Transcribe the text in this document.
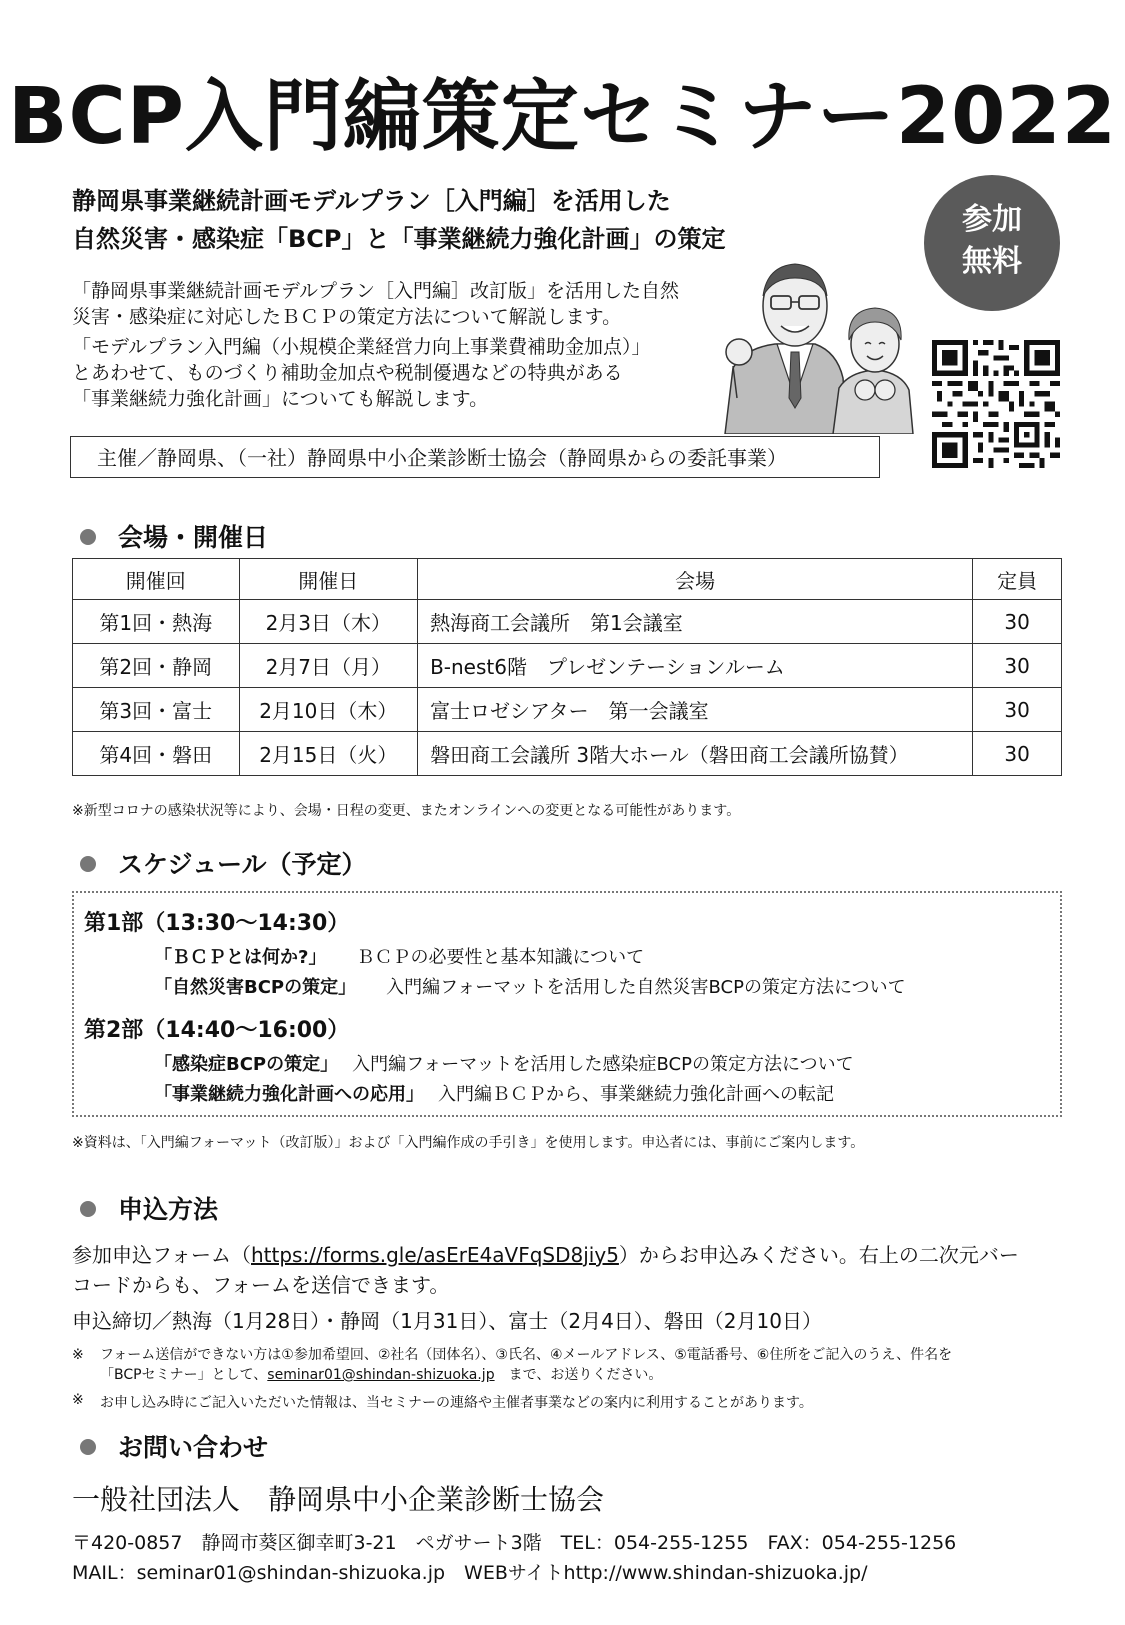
BCP入門編策定セミナー2022
静岡県事業継続計画モデルプラン［入門編］を活用した
自然災害・感染症「BCP」と「事業継続力強化計画」の策定
参加
無料

「静岡県事業継続計画モデルプラン［入門編］改訂版」を活用した自然
災害・感染症に対応したＢＣＰの策定方法について解説します。

「モデルプラン入門編（小規模企業経営力向上事業費補助金加点）」
とあわせて、ものづくり補助金加点や税制優遇などの特典がある
「事業継続力強化計画」についても解説します。

主催／静岡県、（一社）静岡県中小企業診断士協会（静岡県からの委託事業）
会場・開催日
開催回	開催日	会場	定員
第1回・熱海	2月3日（木）	熱海商工会議所　第1会議室	30
第2回・静岡	2月7日（月）	B-nest6階　プレゼンテーションルーム	30
第3回・富士	2月10日（木）	富士ロゼシアター　第一会議室	30
第4回・磐田	2月15日（火）	磐田商工会議所 3階大ホール（磐田商工会議所協賛）	30
※新型コロナの感染状況等により、会場・日程の変更、またオンラインへの変更となる可能性があります。
スケジュール（予定）
第1部（13:30～14:30）
「ＢＣＰとは何か?」 ＢＣＰの必要性と基本知識について
「自然災害BCPの策定」 入門編フォーマットを活用した自然災害BCPの策定方法について
第2部（14:40～16:00）
「感染症BCPの策定」 入門編フォーマットを活用した感染症BCPの策定方法について
「事業継続力強化計画への応用」 入門編ＢＣＰから、事業継続力強化計画への転記
※資料は、「入門編フォーマット（改訂版）」および「入門編作成の手引き」を使用します。申込者には、事前にご案内します。
申込方法
参加申込フォーム（https://forms.gle/asErE4aVFqSD8jiy5）からお申込みください。右上の二次元バー
コードからも、フォームを送信できます。
申込締切／熱海（1月28日）・静岡（1月31日）、富士（2月4日）、磐田（2月10日）
※ フォーム送信ができない方は①参加希望回、②社名（団体名）、③氏名、④メールアドレス、⑤電話番号、⑥住所をご記入のうえ、件名を
「BCPセミナー」として、seminar01@shindan-shizuoka.jp　 まで、お送りください。
※ お申し込み時にご記入いただいた情報は、当セミナーの連絡や主催者事業などの案内に利用することがあります。
お問い合わせ
一般社団法人　静岡県中小企業診断士協会
〒420-0857　静岡市葵区御幸町3-21　ペガサート3階　TEL：054-255-1255　FAX：054-255-1256
MAIL：seminar01@shindan-shizuoka.jp　WEBサイトhttp://www.shindan-shizuoka.jp/
